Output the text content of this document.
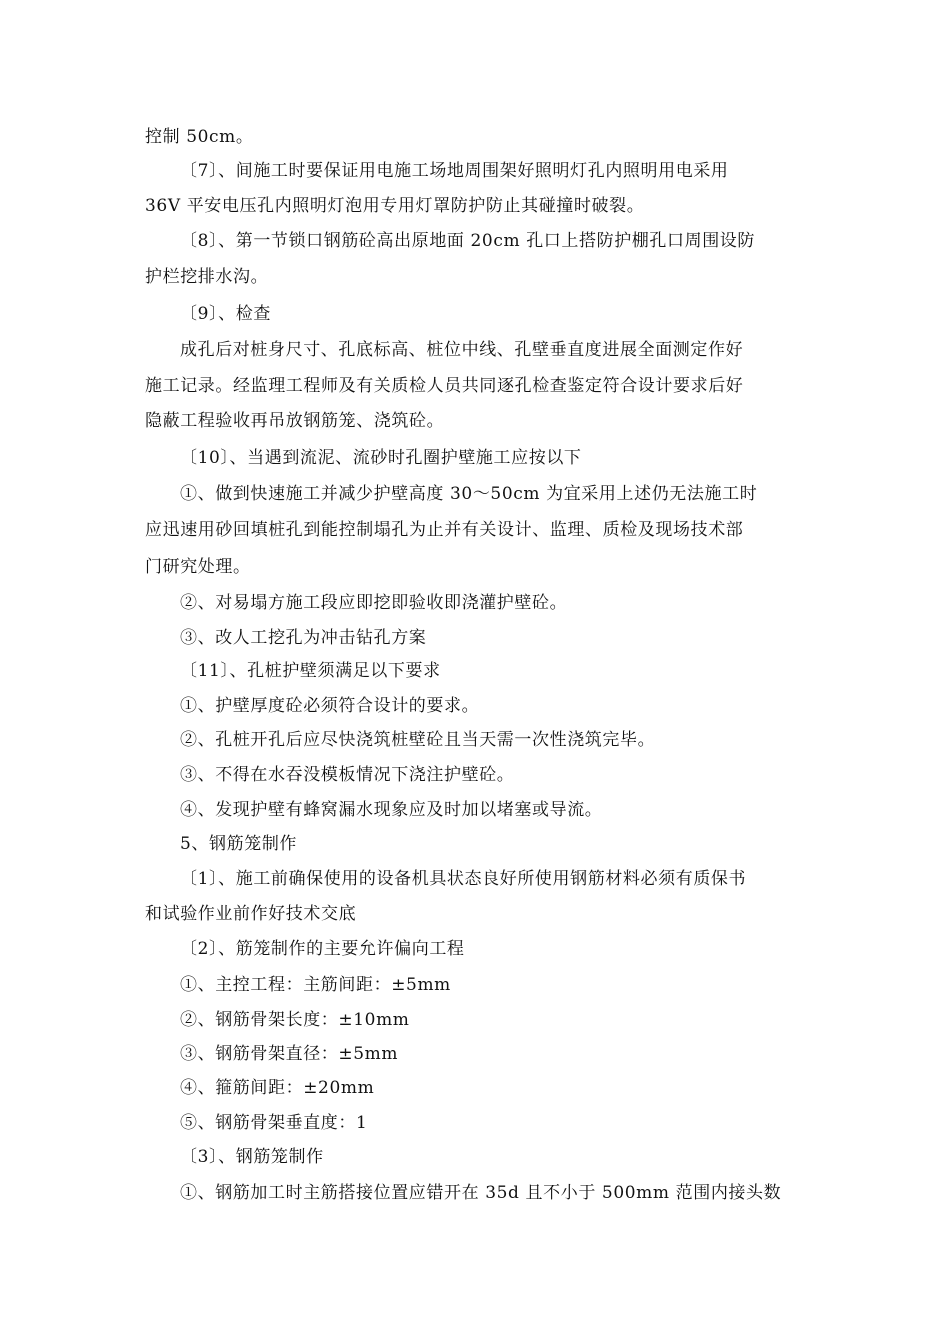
控制 50cm。
〔7〕、间施工时要保证用电施工场地周围架好照明灯孔内照明用电采用
36V 平安电压孔内照明灯泡用专用灯罩防护防止其碰撞时破裂。
〔8〕、第一节锁口钢筋砼高出原地面 20cm 孔口上搭防护棚孔口周围设防
护栏挖排水沟。
〔9〕、检查
成孔后对桩身尺寸、孔底标高、桩位中线、孔壁垂直度进展全面测定作好
施工记录。经监理工程师及有关质检人员共同逐孔检查鉴定符合设计要求后好
隐蔽工程验收再吊放钢筋笼、浇筑砼。
〔10〕、当遇到流泥、流砂时孔圈护壁施工应按以下
①、做到快速施工并减少护壁高度 30～50cm 为宜采用上述仍无法施工时
应迅速用砂回填桩孔到能控制塌孔为止并有关设计、监理、质检及现场技术部
门研究处理。
②、对易塌方施工段应即挖即验收即浇灌护壁砼。
③、改人工挖孔为冲击钻孔方案
〔11〕、孔桩护壁须满足以下要求
①、护壁厚度砼必须符合设计的要求。
②、孔桩开孔后应尽快浇筑桩壁砼且当天需一次性浇筑完毕。
③、不得在水吞没模板情况下浇注护壁砼。
④、发现护壁有蜂窝漏水现象应及时加以堵塞或导流。
5、钢筋笼制作
〔1〕、施工前确保使用的设备机具状态良好所使用钢筋材料必须有质保书
和试验作业前作好技术交底
〔2〕、筋笼制作的主要允许偏向工程
①、主控工程：主筋间距：±5mm
②、钢筋骨架长度：±10mm
③、钢筋骨架直径：±5mm
④、箍筋间距：±20mm
⑤、钢筋骨架垂直度：1
〔3〕、钢筋笼制作
①、钢筋加工时主筋搭接位置应错开在 35d 且不小于 500mm 范围内接头数
